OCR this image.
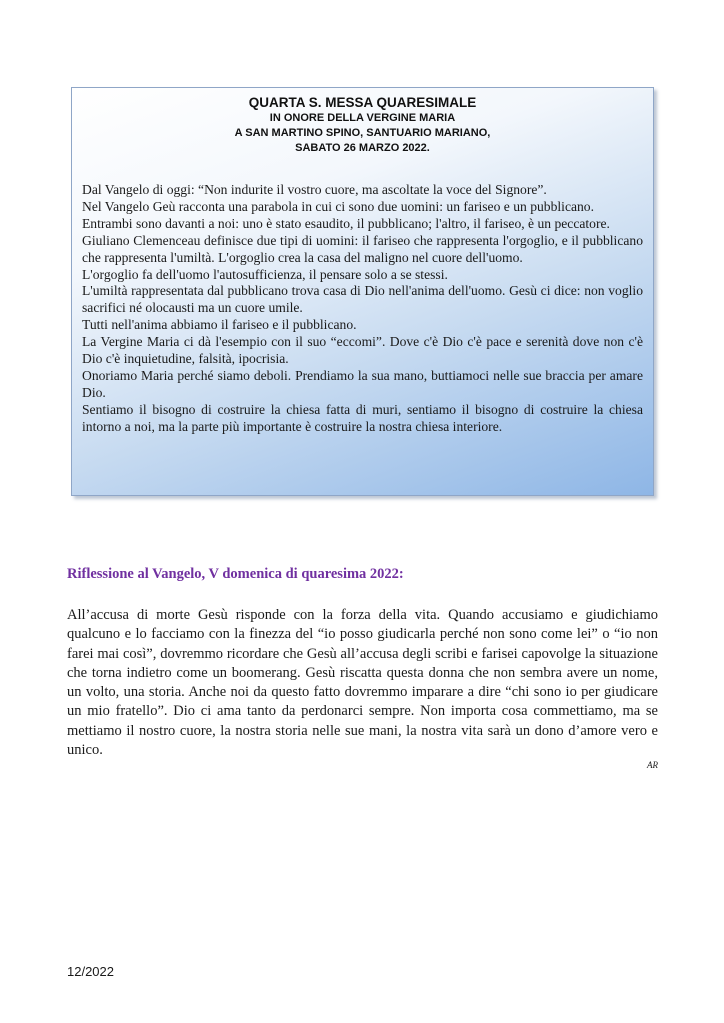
QUARTA S. MESSA QUARESIMALE
IN ONORE DELLA VERGINE MARIA
A SAN MARTINO SPINO, SANTUARIO MARIANO,
SABATO 26 MARZO 2022.

Dal Vangelo di oggi: “Non indurite il vostro cuore, ma ascoltate la voce del Signore”.

Nel Vangelo Geù racconta una parabola in cui ci sono due uomini: un fariseo e un pubblicano.

Entrambi sono davanti a noi: uno è stato esaudito, il pubblicano; l'altro, il fariseo, è un peccatore.

Giuliano Clemenceau definisce due tipi di uomini: il fariseo che rappresenta l'orgoglio, e il pubblicano che rappresenta l'umiltà. L'orgoglio crea la casa del maligno nel cuore dell'uomo.

L'orgoglio fa dell'uomo l'autosufficienza, il pensare solo a se stessi.

L'umiltà rappresentata dal pubblicano trova casa di Dio nell'anima dell'uomo. Gesù ci dice: non voglio sacrifici né olocausti ma un cuore umile.

Tutti nell'anima abbiamo il fariseo e il pubblicano.

La Vergine Maria ci dà l'esempio con il suo “eccomi”. Dove c'è Dio c'è pace e serenità dove non c'è Dio c'è inquietudine, falsità, ipocrisia.

Onoriamo Maria perché siamo deboli. Prendiamo la sua mano, buttiamoci nelle sue braccia per amare Dio.

Sentiamo il bisogno di costruire la chiesa fatta di muri, sentiamo il bisogno di costruire la chiesa intorno a noi, ma la parte più importante è costruire la nostra chiesa interiore.

Riflessione al Vangelo, V domenica di quaresima 2022:

All’accusa di morte Gesù risponde con la forza della vita. Quando accusiamo e giudichiamo qualcuno e lo facciamo con la finezza del “io posso giudicarla perché non sono come lei” o “io non farei mai così”, dovremmo ricordare che Gesù all’accusa degli scribi e farisei capovolge la situazione che torna indietro come un boomerang. Gesù riscatta questa donna che non sembra avere un nome, un volto, una storia. Anche noi da questo fatto dovremmo imparare a dire “chi sono io per giudicare un mio fratello”. Dio ci ama tanto da perdonarci sempre. Non importa cosa commettiamo, ma se mettiamo il nostro cuore, la nostra storia nelle sue mani, la nostra vita sarà un dono d’amore vero e unico.

AR

12/2022
